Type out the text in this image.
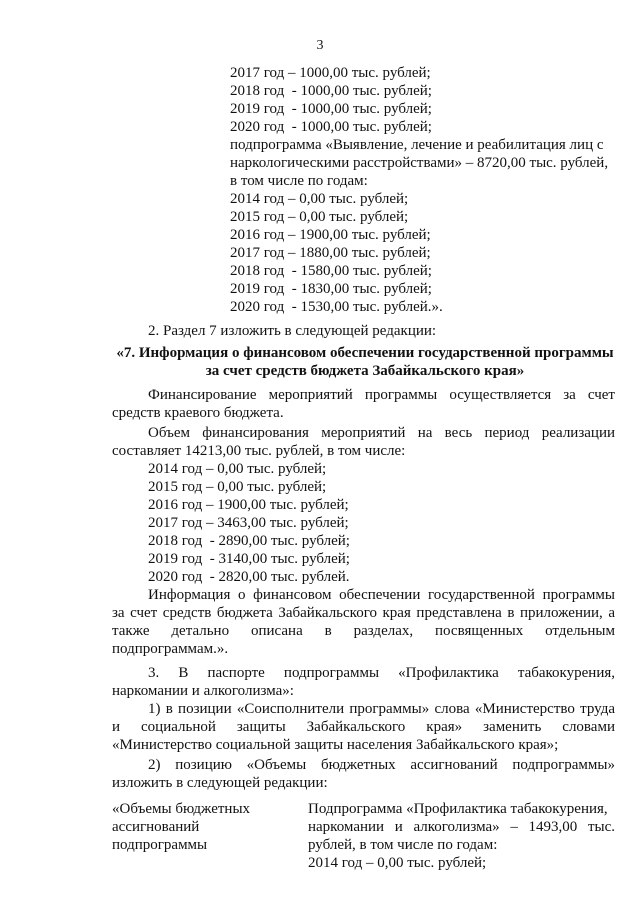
3
2017 год – 1000,00 тыс. рублей;
2018 год  - 1000,00 тыс. рублей;
2019 год  - 1000,00 тыс. рублей;
2020 год  - 1000,00 тыс. рублей;
подпрограмма «Выявление, лечение и реабилитация лиц с
наркологическими расстройствами» – 8720,00 тыс. рублей,
в том числе по годам:
2014 год – 0,00 тыс. рублей;
2015 год – 0,00 тыс. рублей;
2016 год – 1900,00 тыс. рублей;
2017 год – 1880,00 тыс. рублей;
2018 год  - 1580,00 тыс. рублей;
2019 год  - 1830,00 тыс. рублей;
2020 год  - 1530,00 тыс. рублей.».
2. Раздел 7 изложить в следующей редакции:
«7. Информация о финансовом обеспечении государственной программы
за счет средств бюджета Забайкальского края»
Финансирование мероприятий программы осуществляется за счет
средств краевого бюджета.
Объем финансирования мероприятий на весь период реализации
составляет 14213,00 тыс. рублей, в том числе:
2014 год – 0,00 тыс. рублей;
2015 год – 0,00 тыс. рублей;
2016 год – 1900,00 тыс. рублей;
2017 год – 3463,00 тыс. рублей;
2018 год  - 2890,00 тыс. рублей;
2019 год  - 3140,00 тыс. рублей;
2020 год  - 2820,00 тыс. рублей.
Информация о финансовом обеспечении государственной программы
за счет средств бюджета Забайкальского края представлена в приложении, а
также детально описана в разделах, посвященных отдельным
подпрограммам.».
3. В паспорте подпрограммы «Профилактика табакокурения,
наркомании и алкоголизма»:
1) в позиции «Соисполнители программы» слова «Министерство труда
и социальной защиты Забайкальского края» заменить словами
«Министерство социальной защиты населения Забайкальского края»;
2) позицию «Объемы бюджетных ассигнований подпрограммы»
изложить в следующей редакции:
«Объемы бюджетных
ассигнований
подпрограммы
Подпрограмма «Профилактика табакокурения,
наркомании и алкоголизма» – 1493,00 тыс.
рублей, в том числе по годам:
2014 год – 0,00 тыс. рублей;
